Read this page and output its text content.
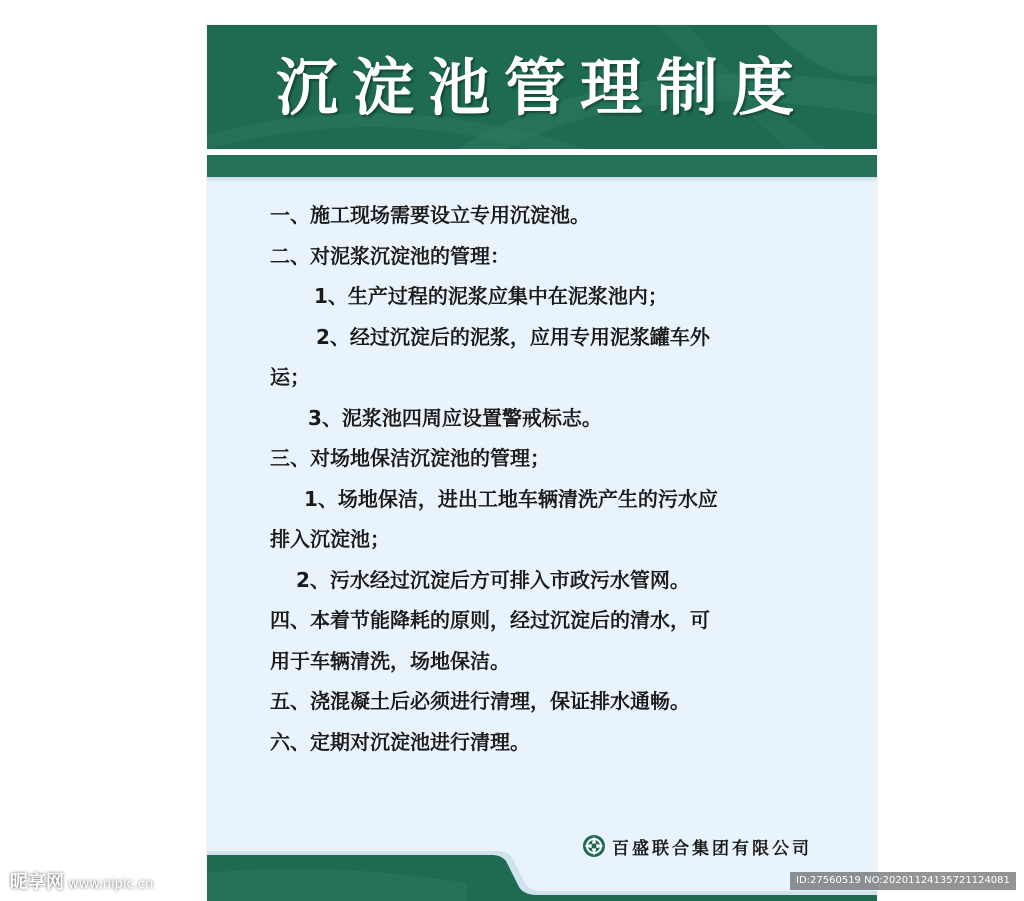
沉淀池管理制度
一、施工现场需要设立专用沉淀池。
二、对泥浆沉淀池的管理：
1、生产过程的泥浆应集中在泥浆池内；
2、经过沉淀后的泥浆，应用专用泥浆罐车外
运；
3、泥浆池四周应设置警戒标志。
三、对场地保洁沉淀池的管理；
1、场地保洁，进出工地车辆清洗产生的污水应
排入沉淀池；
2、污水经过沉淀后方可排入市政污水管网。
四、本着节能降耗的原则，经过沉淀后的清水，可
用于车辆清洗，场地保洁。
五、浇混凝土后必须进行清理，保证排水通畅。
六、定期对沉淀池进行清理。
百盛联合集团有限公司
昵享网 www.nipic.cn	ID:27560519 NO:20201124135721124081
